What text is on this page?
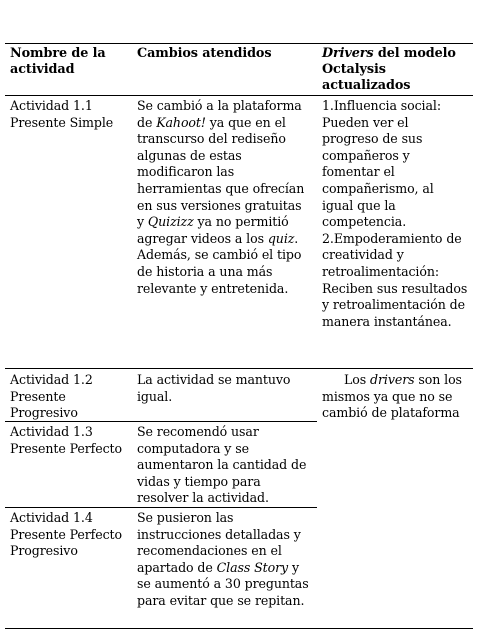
Nombre de la actividad
Cambios atendidos	Drivers del modelo Octalysis actualizados
Actividad 1.1 Presente Simple
Se cambió a la plataforma de Kahoot! ya que en el transcurso del rediseño algunas de estas modificaron las herramientas que ofrecían en sus versiones gratuitas y Quizizz ya no permitió agregar videos a los quiz. Además, se cambió el tipo de historia a una más relevante y entretenida.
1.Influencia social: Pueden ver el progreso de sus compañeros y fomentar el compañerismo, al igual que la competencia. 2.Empoderamiento de creatividad y retroalimentación: Reciben sus resultados y retroalimentación de manera instantánea.
Actividad 1.2 Presente Progresivo
La actividad se mantuvo igual.
Los drivers son los mismos ya que no se cambió de plataforma
Actividad 1.3 Presente Perfecto
Se recomendó usar computadora y se aumentaron la cantidad de vidas y tiempo para resolver la actividad.
Actividad 1.4 Presente Perfecto Progresivo
Se pusieron las instrucciones detalladas y recomendaciones en el apartado de Class Story y se aumentó a 30 preguntas para evitar que se repitan.
